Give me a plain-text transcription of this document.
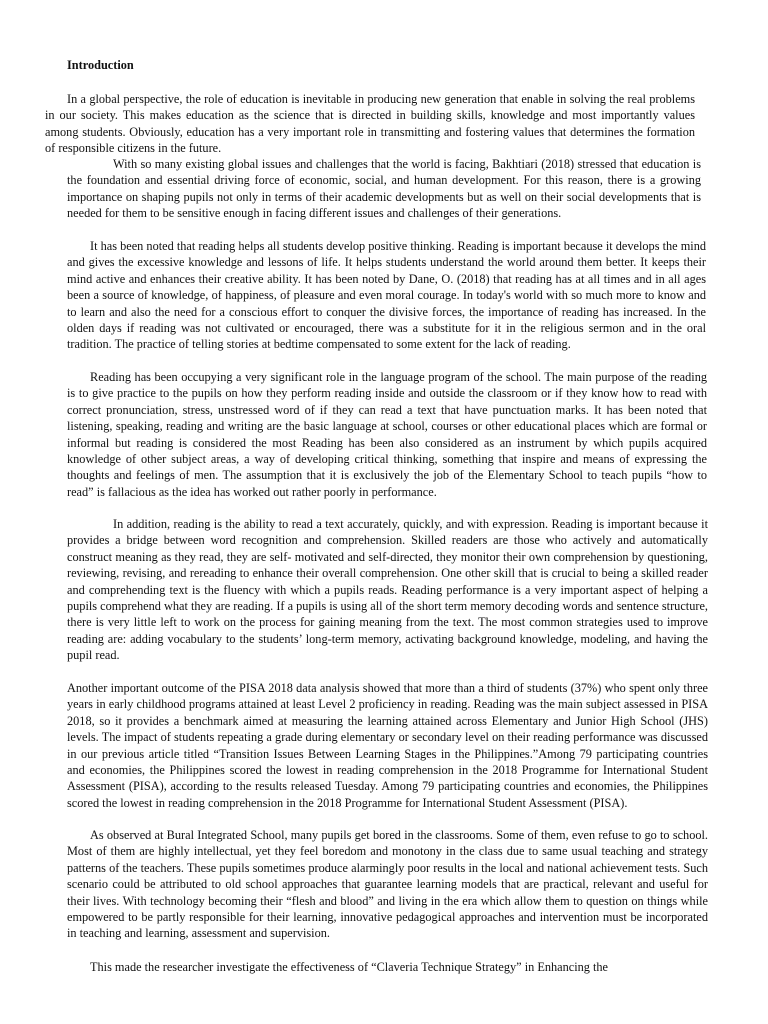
Introduction

In a global perspective, the role of education is inevitable in producing new generation that enable in solving the real problems in our society. This makes education as the science that is directed in building skills, knowledge and most importantly values among students. Obviously, education has a very important role in transmitting and fostering values that determines the formation of responsible citizens in the future.

With so many existing global issues and challenges that the world is facing, Bakhtiari (2018) stressed that education is the foundation and essential driving force of economic, social, and human development. For this reason, there is a growing importance on shaping pupils not only in terms of their academic developments but as well on their social developments that is needed for them to be sensitive enough in facing different issues and challenges of their generations.

It has been noted that reading helps all students develop positive thinking. Reading is important because it develops the mind and gives the excessive knowledge and lessons of life. It helps students understand the world around them better. It keeps their mind active and enhances their creative ability. It has been noted by Dane, O. (2018) that reading has at all times and in all ages been a source of knowledge, of happiness, of pleasure and even moral courage. In today's world with so much more to know and to learn and also the need for a conscious effort to conquer the divisive forces, the importance of reading has increased. In the olden days if reading was not cultivated or encouraged, there was a substitute for it in the religious sermon and in the oral tradition. The practice of telling stories at bedtime compensated to some extent for the lack of reading.

Reading has been occupying a very significant role in the language program of the school. The main purpose of the reading is to give practice to the pupils on how they perform reading inside and outside the classroom or if they know how to read with correct pronunciation, stress, unstressed word of if they can read a text that have punctuation marks. It has been noted that listening, speaking, reading and writing are the basic language at school, courses or other educational places which are formal or informal but reading is considered the most Reading has been also considered as an instrument by which pupils acquired knowledge of other subject areas, a way of developing critical thinking, something that inspire and means of expressing the thoughts and feelings of men. The assumption that it is exclusively the job of the Elementary School to teach pupils “how to read” is fallacious as the idea has worked out rather poorly in performance.

In addition, reading is the ability to read a text accurately, quickly, and with expression. Reading is important because it provides a bridge between word recognition and comprehension. Skilled readers are those who actively and automatically construct meaning as they read, they are self- motivated and self-directed, they monitor their own comprehension by questioning, reviewing, revising, and rereading to enhance their overall comprehension. One other skill that is crucial to being a skilled reader and comprehending text is the fluency with which a pupils reads. Reading performance is a very important aspect of helping a pupils comprehend what they are reading. If a pupils is using all of the short term memory decoding words and sentence structure, there is very little left to work on the process for gaining meaning from the text. The most common strategies used to improve reading are: adding vocabulary to the students’ long-term memory, activating background knowledge, modeling, and having the pupil read.

Another important outcome of the PISA 2018 data analysis showed that more than a third of students (37%) who spent only three years in early childhood programs attained at least Level 2 proficiency in reading. Reading was the main subject assessed in PISA 2018, so it provides a benchmark aimed at measuring the learning attained across Elementary and Junior High School (JHS) levels. The impact of students repeating a grade during elementary or secondary level on their reading performance was discussed in our previous article titled “Transition Issues Between Learning Stages in the Philippines.”Among 79 participating countries and economies, the Philippines scored the lowest in reading comprehension in the 2018 Programme for International Student Assessment (PISA), according to the results released Tuesday. Among 79 participating countries and economies, the Philippines scored the lowest in reading comprehension in the 2018 Programme for International Student Assessment (PISA).

As observed at Bural Integrated School, many pupils get bored in the classrooms. Some of them, even refuse to go to school. Most of them are highly intellectual, yet they feel boredom and monotony in the class due to same usual teaching and strategy patterns of the teachers. These pupils sometimes produce alarmingly poor results in the local and national achievement tests. Such scenario could be attributed to old school approaches that guarantee learning models that are practical, relevant and useful for their lives. With technology becoming their “flesh and blood” and living in the era which allow them to question on things while empowered to be partly responsible for their learning, innovative pedagogical approaches and intervention must be incorporated in teaching and learning, assessment and supervision.

This made the researcher investigate the effectiveness of “Claveria Technique Strategy” in Enhancing the
